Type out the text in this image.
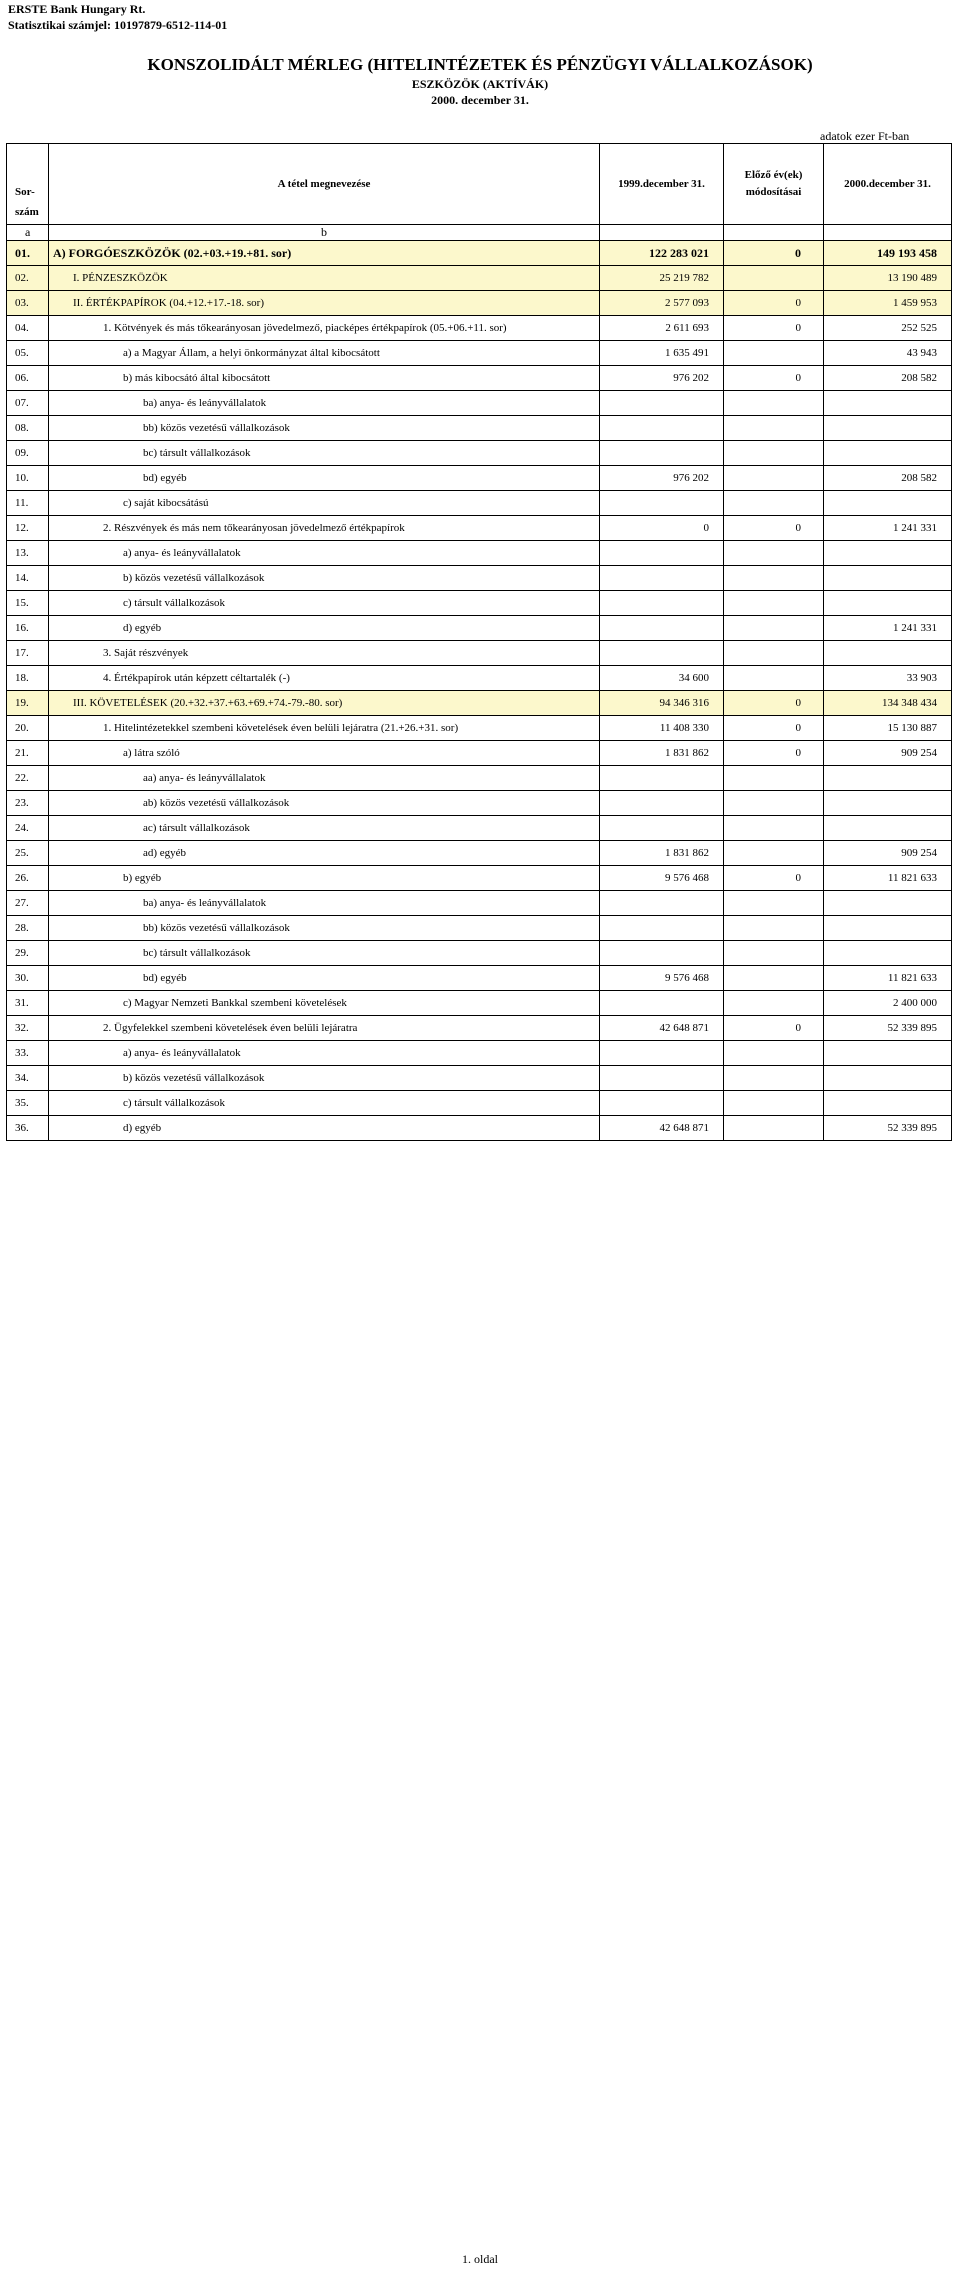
ERSTE Bank Hungary Rt.
Statisztikai számjel: 10197879-6512-114-01
KONSZOLIDÁLT MÉRLEG (HITELINTÉZETEK ÉS PÉNZÜGYI VÁLLALKOZÁSOK)
ESZKÖZÖK (AKTÍVÁK)
2000. december 31.
adatok ezer Ft-ban
Sor-
szám	A tétel megnevezése	1999.december 31.	Előző év(ek)
módosításai	2000.december 31.
a	b			
01.	A) FORGÓESZKÖZÖK (02.+03.+19.+81. sor)	122 283 021	0	149 193 458
02.	I. PÉNZESZKÖZÖK	25 219 782		13 190 489
03.	II. ÉRTÉKPAPÍROK (04.+12.+17.-18. sor)	2 577 093	0	1 459 953
04.	1. Kötvények és más tőkearányosan jövedelmező, piacképes értékpapírok (05.+06.+11. sor)	2 611 693	0	252 525
05.	a) a Magyar Állam, a helyi önkormányzat által kibocsátott	1 635 491		43 943
06.	b) más kibocsátó által kibocsátott	976 202	0	208 582
07.	ba) anya- és leányvállalatok			
08.	bb) közös vezetésű vállalkozások			
09.	bc) társult vállalkozások			
10.	bd) egyéb	976 202		208 582
11.	c) saját kibocsátású			
12.	2. Részvények és más nem tőkearányosan jövedelmező értékpapírok	0	0	1 241 331
13.	a) anya- és leányvállalatok			
14.	b) közös vezetésű vállalkozások			
15.	c) társult vállalkozások			
16.	d) egyéb			1 241 331
17.	3. Saját részvények			
18.	4. Értékpapírok után képzett céltartalék (-)	34 600		33 903
19.	III. KÖVETELÉSEK (20.+32.+37.+63.+69.+74.-79.-80. sor)	94 346 316	0	134 348 434
20.	1. Hitelintézetekkel szembeni követelések éven belüli lejáratra (21.+26.+31. sor)	11 408 330	0	15 130 887
21.	a) látra szóló	1 831 862	0	909 254
22.	aa) anya- és leányvállalatok			
23.	ab) közös vezetésű vállalkozások			
24.	ac) társult vállalkozások			
25.	ad) egyéb	1 831 862		909 254
26.	b) egyéb	9 576 468	0	11 821 633
27.	ba) anya- és leányvállalatok			
28.	bb) közös vezetésű vállalkozások			
29.	bc) társult vállalkozások			
30.	bd) egyéb	9 576 468		11 821 633
31.	c) Magyar Nemzeti Bankkal szembeni követelések			2 400 000
32.	2. Ügyfelekkel szembeni követelések éven belüli lejáratra	42 648 871	0	52 339 895
33.	a) anya- és leányvállalatok			
34.	b) közös vezetésű vállalkozások			
35.	c) társult vállalkozások			
36.	d) egyéb	42 648 871		52 339 895
1. oldal
